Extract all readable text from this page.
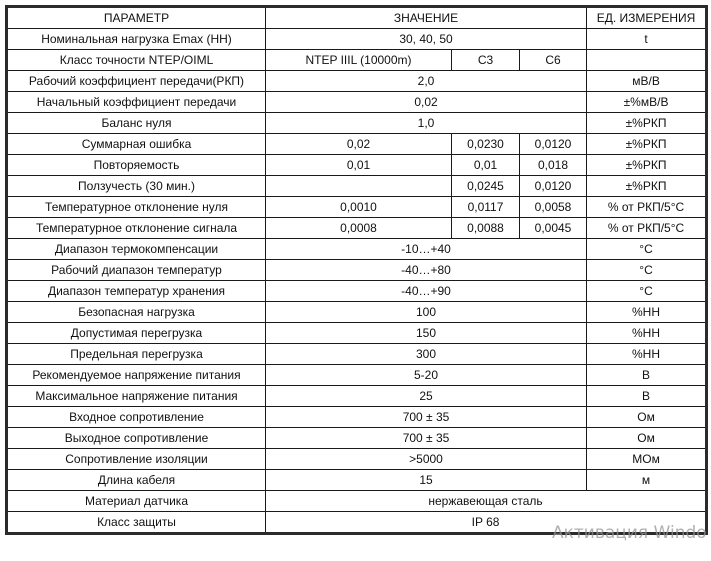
ПАРАМЕТР	ЗНАЧЕНИЕ			ЕД. ИЗМЕРЕНИЯ
Номинальная нагрузка Emax (НН)	30, 40, 50			t
Класс точности NTEP/OIML	NTEP IIIL (10000m)	C3	C6	
Рабочий коэффициент передачи(РКП)	2,0			мВ/В
Начальный коэффициент передачи	0,02			±%мВ/В
Баланс нуля	1,0			±%РКП
Суммарная ошибка	0,02	0,0230	0,0120	±%РКП
Повторяемость	0,01	0,01	0,018	±%РКП
Ползучесть (30 мин.)		0,0245	0,0120	±%РКП
Температурное отклонение нуля	0,0010	0,0117	0,0058	% от РКП/5°C
Температурное отклонение сигнала	0,0008	0,0088	0,0045	% от РКП/5°C
Диапазон термокомпенсации	-10…+40			°C
Рабочий диапазон температур	-40…+80			°C
Диапазон температур хранения	-40…+90			°C
Безопасная нагрузка	100			%НН
Допустимая перегрузка	150			%НН
Предельная перегрузка	300			%НН
Рекомендуемое напряжение питания	5-20			В
Максимальное напряжение питания	25			В
Входное сопротивление	700 ± 35			Ом
Выходное сопротивление	700 ± 35			Ом
Сопротивление изоляции	>5000			МОм
Длина кабеля	15			м
Материал датчика	нержавеющая сталь			
Класс защиты	IP 68			
Активация Windo
